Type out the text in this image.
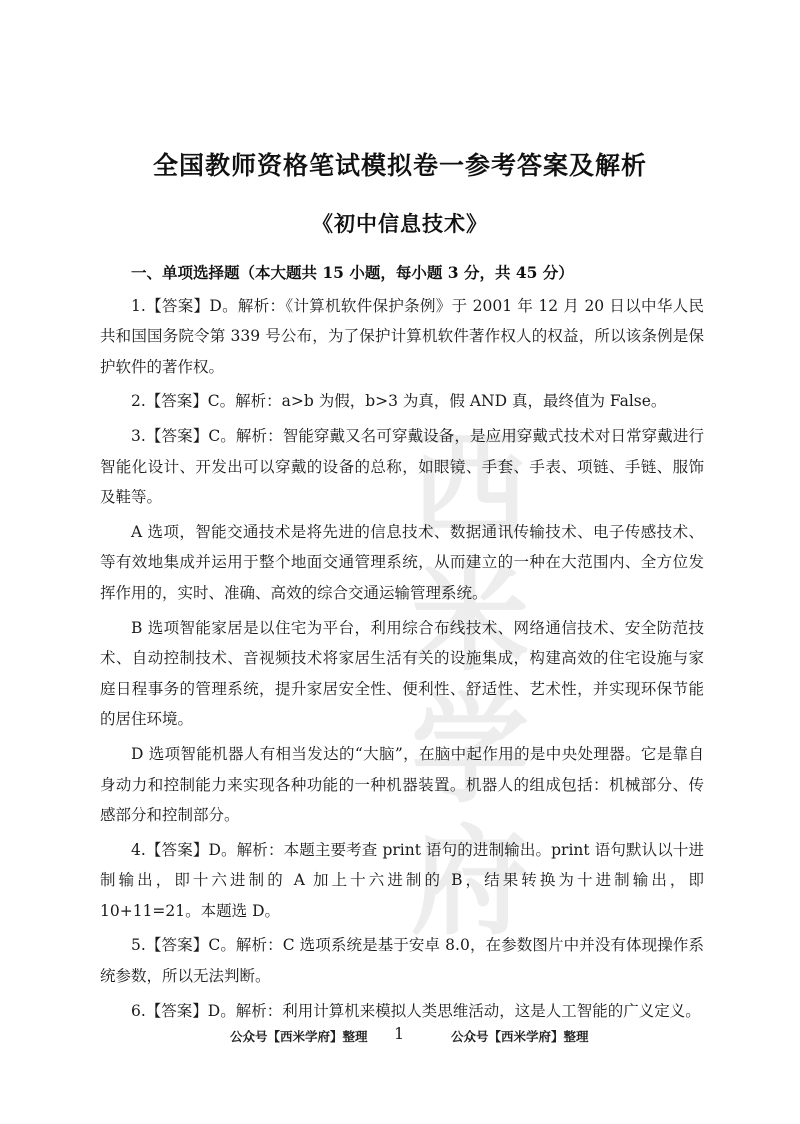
西米学府
全国教师资格笔试模拟卷一参考答案及解析
《初中信息技术》
一、单项选择题（本大题共 15 小题，每小题 3 分，共 45 分）

1.【答案】D。解析：《计算机软件保护条例》于 2001 年 12 月 20 日以中华人民共和国国务院令第 339 号公布，为了保护计算机软件著作权人的权益，所以该条例是保护软件的著作权。

2.【答案】C。解析：a>b 为假，b>3 为真，假 AND 真，最终值为 False。

3.【答案】C。解析：智能穿戴又名可穿戴设备，是应用穿戴式技术对日常穿戴进行智能化设计、开发出可以穿戴的设备的总称，如眼镜、手套、手表、项链、手链、服饰及鞋等。

A 选项，智能交通技术是将先进的信息技术、数据通讯传输技术、电子传感技术、等有效地集成并运用于整个地面交通管理系统，从而建立的一种在大范围内、全方位发挥作用的，实时、准确、高效的综合交通运输管理系统。

B 选项智能家居是以住宅为平台，利用综合布线技术、网络通信技术、安全防范技术、自动控制技术、音视频技术将家居生活有关的设施集成，构建高效的住宅设施与家庭日程事务的管理系统，提升家居安全性、便利性、舒适性、艺术性，并实现环保节能的居住环境。

D 选项智能机器人有相当发达的“大脑”，在脑中起作用的是中央处理器。它是靠自身动力和控制能力来实现各种功能的一种机器装置。机器人的组成包括：机械部分、传感部分和控制部分。

4.【答案】D。解析：本题主要考查 print 语句的进制输出。print 语句默认以十进制输出，即十六进制的 A 加上十六进制的 B，结果转换为十进制输出，即 10+11=21。本题选 D。

5.【答案】C。解析：C 选项系统是基于安卓 8.0，在参数图片中并没有体现操作系统参数，所以无法判断。

6.【答案】D。解析：利用计算机来模拟人类思维活动，这是人工智能的广义定义。

公众号【西米学府】整理 1	公众号【西米学府】整理
